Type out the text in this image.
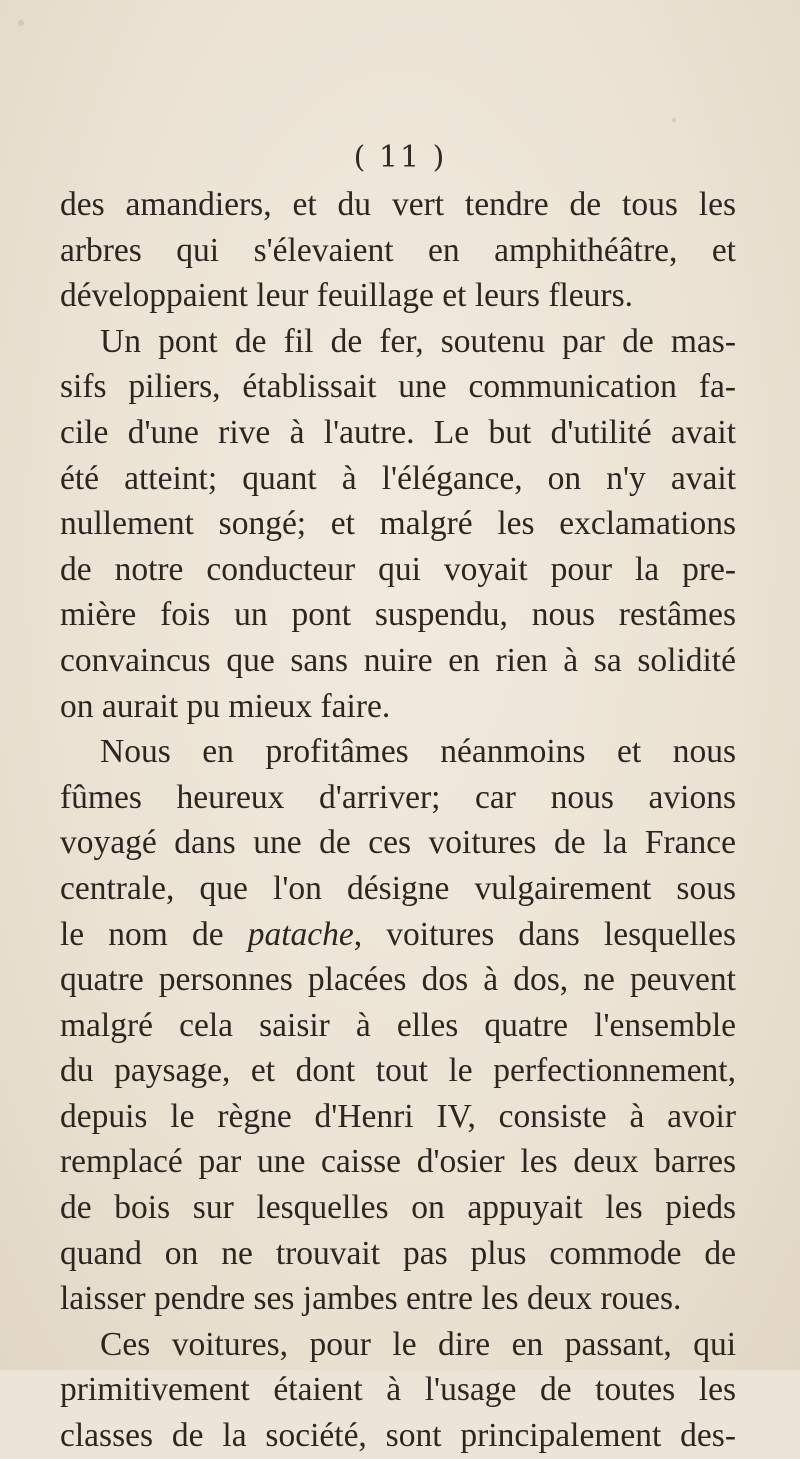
( 11 )
des amandiers, et du vert tendre de tous les
arbres qui s'élevaient en amphithéâtre, et
développaient leur feuillage et leurs fleurs.
Un pont de fil de fer, soutenu par de mas-
sifs piliers, établissait une communication fa-
cile d'une rive à l'autre. Le but d'utilité avait
été atteint; quant à l'élégance, on n'y avait
nullement songé; et malgré les exclamations
de notre conducteur qui voyait pour la pre-
mière fois un pont suspendu, nous restâmes
convaincus que sans nuire en rien à sa solidité
on aurait pu mieux faire.
Nous en profitâmes néanmoins et nous
fûmes heureux d'arriver; car nous avions
voyagé dans une de ces voitures de la France
centrale, que l'on désigne vulgairement sous
le nom de patache, voitures dans lesquelles
quatre personnes placées dos à dos, ne peuvent
malgré cela saisir à elles quatre l'ensemble
du paysage, et dont tout le perfectionnement,
depuis le règne d'Henri IV, consiste à avoir
remplacé par une caisse d'osier les deux barres
de bois sur lesquelles on appuyait les pieds
quand on ne trouvait pas plus commode de
laisser pendre ses jambes entre les deux roues.
Ces voitures, pour le dire en passant, qui
primitivement étaient à l'usage de toutes les
classes de la société, sont principalement des-
